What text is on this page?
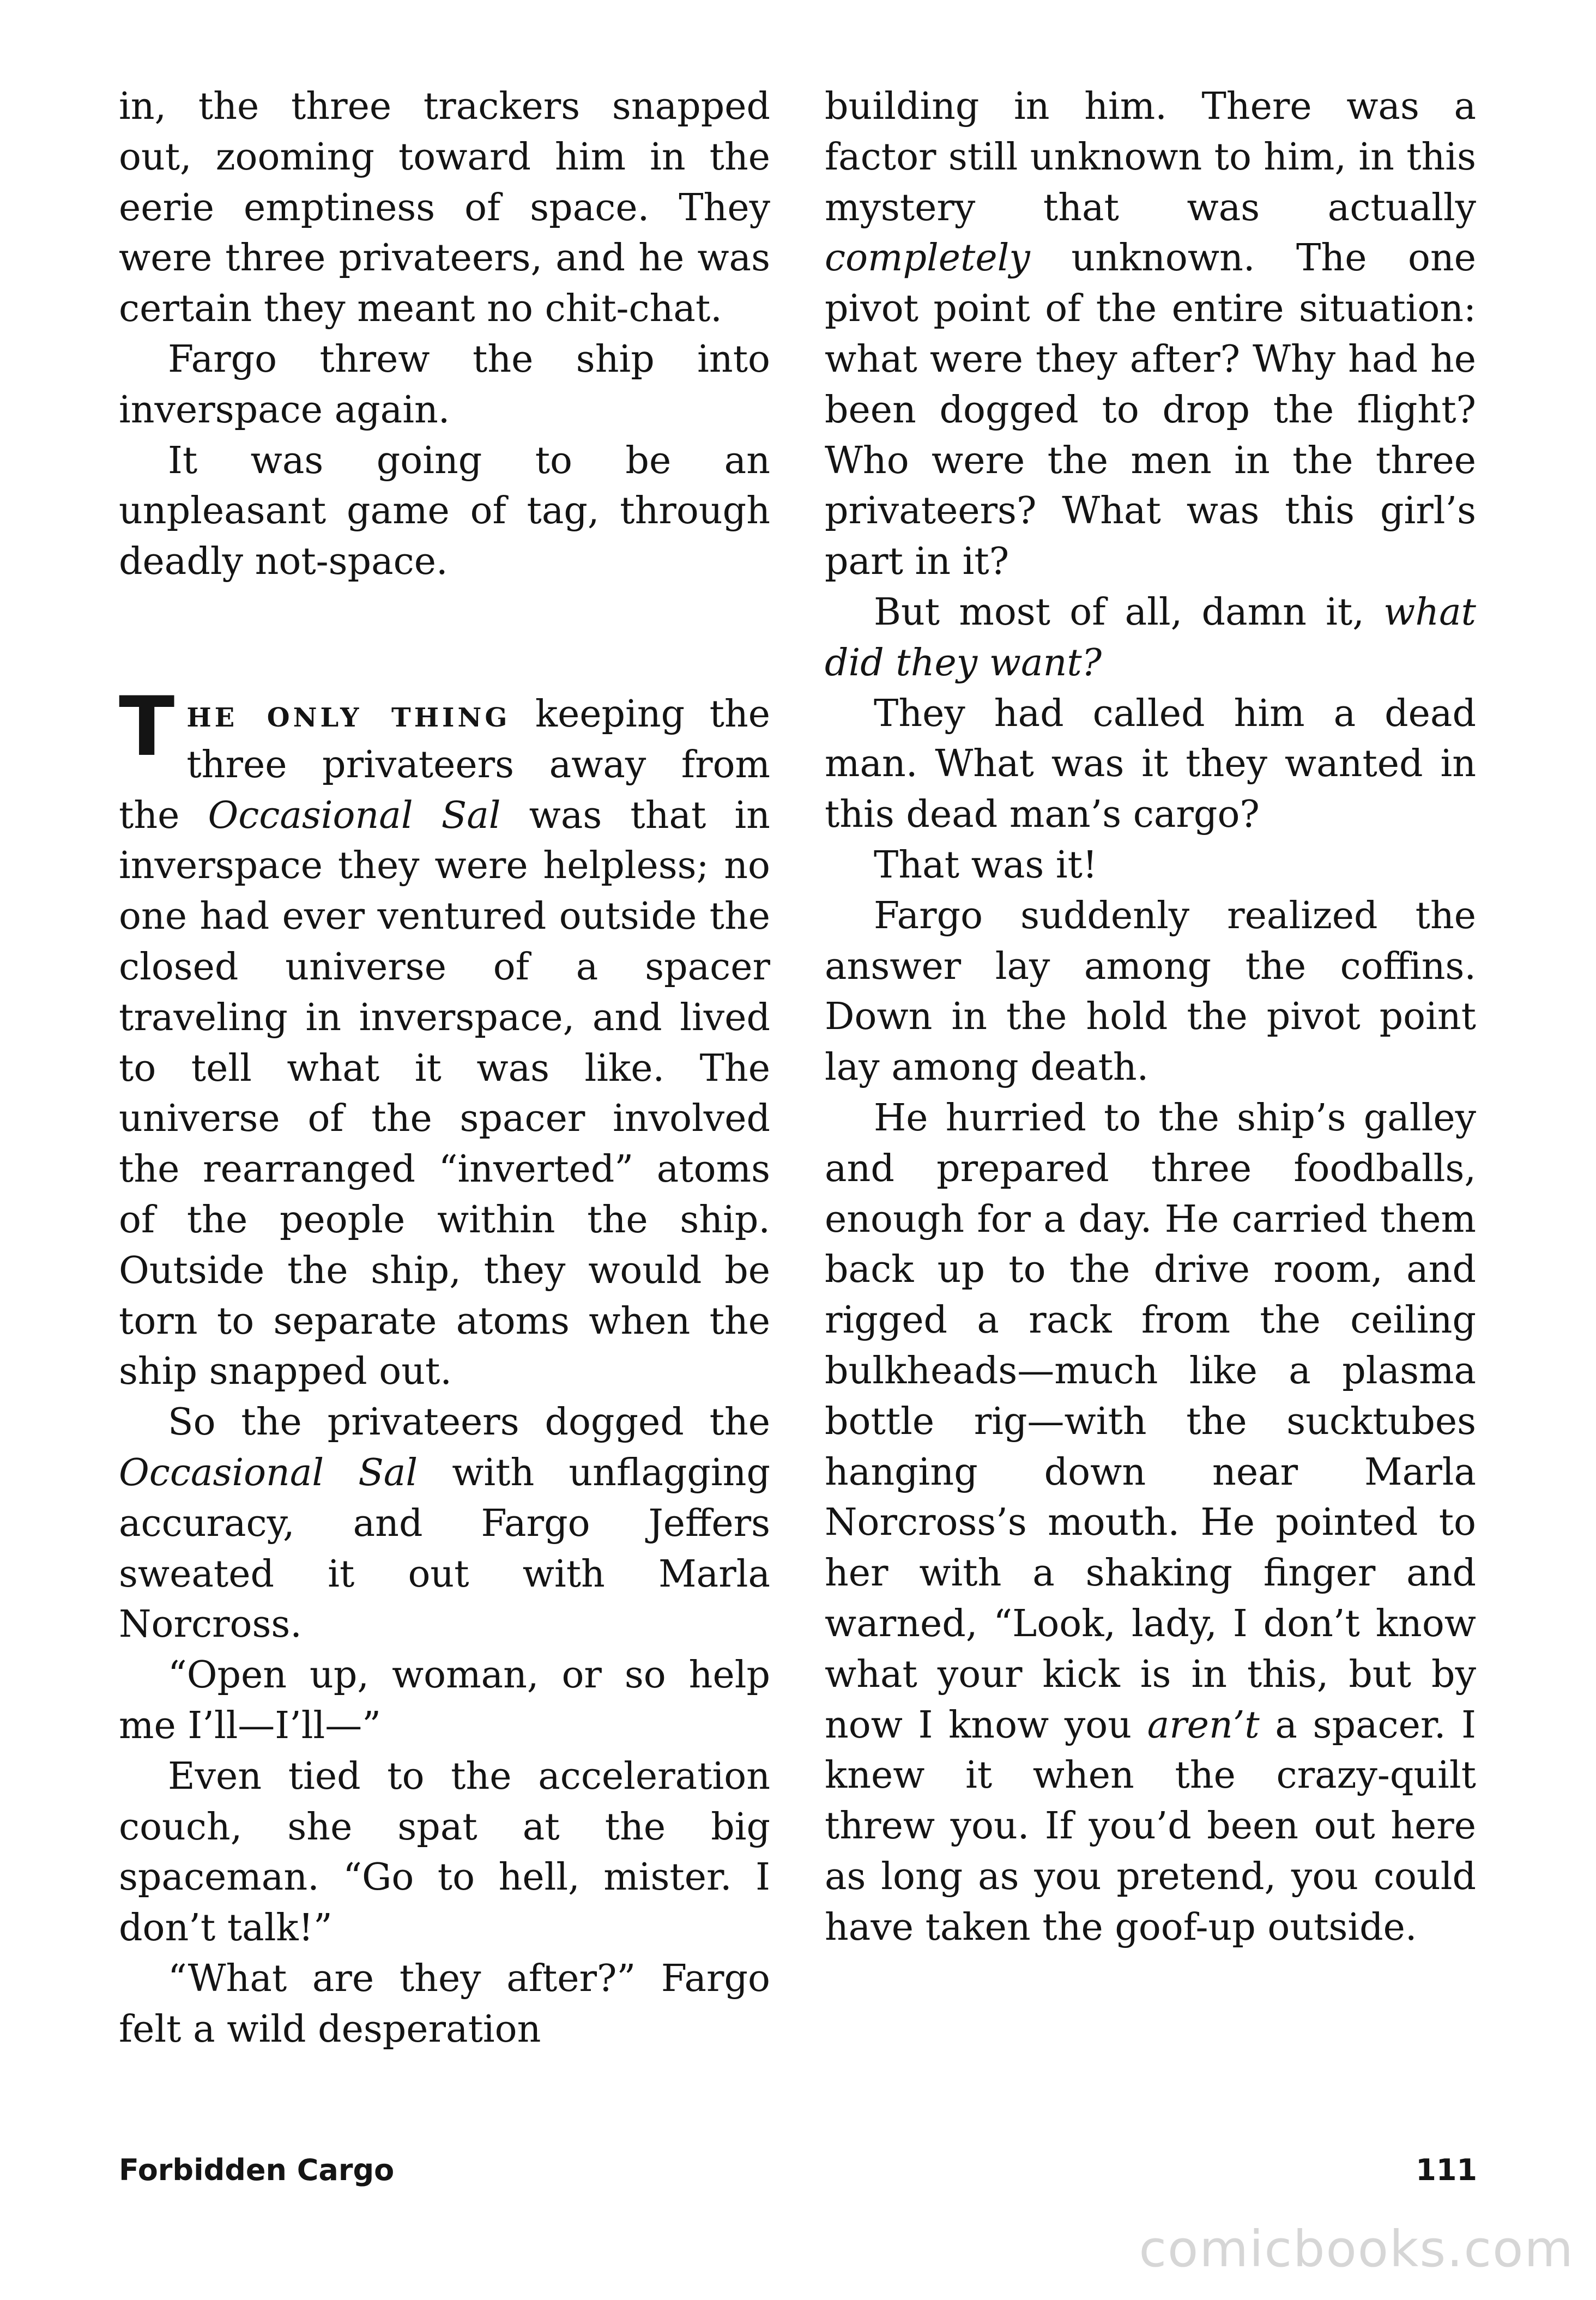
in, the three trackers snapped out, zooming toward him in the eerie emptiness of space. They were three privateers, and he was certain they meant no chit-chat.

Fargo threw the ship into inverspace again.

It was going to be an unpleasant game of tag, through deadly not-space.

The only thing keeping the three privateers away from the Occasional Sal was that in inverspace they were helpless; no one had ever ventured outside the closed universe of a spacer traveling in inverspace, and lived to tell what it was like. The universe of the spacer involved the rearranged “inverted” atoms of the people within the ship. Outside the ship, they would be torn to separate atoms when the ship snapped out.

So the privateers dogged the Occasional Sal with unflagging accuracy, and Fargo Jeffers sweated it out with Marla Norcross.

“Open up, woman, or so help me I’ll—I’ll—”

Even tied to the acceleration couch, she spat at the big spaceman. “Go to hell, mister. I don’t talk!”

“What are they after?” Fargo felt a wild desperation

building in him. There was a factor still unknown to him, in this mystery that was actually completely unknown. The one pivot point of the entire situation: what were they after? Why had he been dogged to drop the flight? Who were the men in the three privateers? What was this girl’s part in it?

But most of all, damn it, what did they want?

They had called him a dead man. What was it they wanted in this dead man’s cargo?

That was it!

Fargo suddenly realized the answer lay among the coffins. Down in the hold the pivot point lay among death.

He hurried to the ship’s galley and prepared three foodballs, enough for a day. He carried them back up to the drive room, and rigged a rack from the ceiling bulkheads—much like a plasma bottle rig—with the sucktubes hanging down near Marla Norcross’s mouth. He pointed to her with a shaking finger and warned, “Look, lady, I don’t know what your kick is in this, but by now I know you aren’t a spacer. I knew it when the crazy-quilt threw you. If you’d been out here as long as you pretend, you could have taken the goof-up outside.

Forbidden Cargo	111
comicbooks.com
